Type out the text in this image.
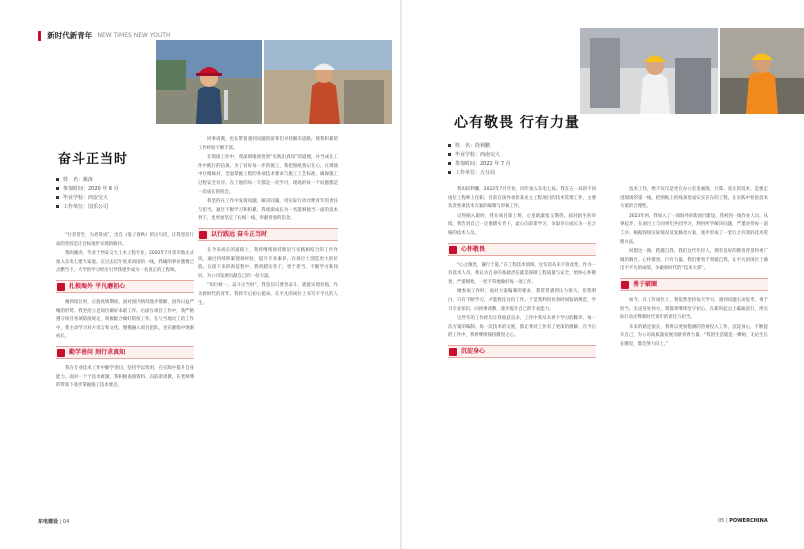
新时代新青年 NEW TIMES NEW YOUTH
奋斗正当时
姓　名：姚涛
参加时间：2020 年 6 月
毕业学校：西安交大
工作单位：国乐公司

“行者常至，为者常成”，出自《晏子春秋》的这句话，让我坚信行动的坚持是让目标逐步实现的路径。

我叫姚涛，毕业于西安交大土木工程专业，2020年7月荣幸地正式加入东电七建大家庭。在过去近年度来回国的一线，我确的事业激情已点燃当下，大学的学习经历引导我逐步成为一名真正的工程师。

扎根海外 平凡磨初心

刚到项目时，正值疫情期间，面对国内情况逐步缓解，国外日益严峻的形势，我坚持立足岗位做好本职工作。后面在项目工作中，我严格遵守项目各项防疫规定，积极配合做好防疫工作。在与当地员工的工作中，我主动学习对方语言和文化，慢慢融入项目团队，也在磨练中逐渐成长。

勤学善问 刻行求真知

我在专业技术工作中勤学善问，坚持学以致用，在实践中提升自身能力。面对一个个技术难题，我积极查阅资料、向前辈请教，在老师傅的带领下逐步掌握施工技术要点。

同事请教，也在带着遇到问题的前辈们寻找解决思路，使我积累的工作经验不断丰富。

在现场工作中，我深刻地领悟到“实践出真知”的道理，并当成在工作中践行的信条。为了对好每一步的施工，我把图纸熟记在心，在现场中仔细核对，全面掌握工程的各项技术要求与施工工艺标准，确保施工过程安全有序。在工地的每一天都是一次学习，现场的每一个问题都是一次成长的机会。

我坚持在工作中发现问题，解决问题，用实际行动诠释青年的责任与担当。通过不断学习和积累，我逐渐成长为一名能够独当一面的技术骨干，也更加坚定了扎根一线、奉献青春的信念。

以行践远 奋斗正当时

在今来成长的道路上，我将继续保持理论与实践相结合的工作作风，通过持续积累现场经验，提升专业素养，在岗位上创造更大的价值。在接下来的新征程中，我将踏实肯干，勇于担当，不断学习新知识，为公司发展贡献自己的一份力量。

“知行统一，奋斗正当时”，我坚信只要肯奋斗，就能实现价值。作为新时代的青年，我将牢记初心使命，在平凡的岗位上书写不平凡的人生。

东电建设 | 04
心有敬畏 行有力量
姓　名：段利鹏
毕业学校：西南交大
参加时间：2022 年 7 月
工作单位：五分局

我叫段利鹏，2022年7月毕业，同年加入东电七局。我在五一局的不同岗位工程师上任职，目前在国外承担某业主工程项目的技术管理工作，主要负责各项技术方案的编制与审核工作。

记得刚入职时，我在项目部上班，心里既紧张又期待。面对陌生的环境，我告诉自己一定要踏实肯干，虚心向前辈学习，争取早日成长为一名合格的技术人员。

心怀敬畏

“心之敬畏，谦行于道。”在工程技术领域，这句话从未不曾改变。作为一名技术人员，我认为自身的基础责任就是保障工程质量与安全，始终心怀敬畏，严谨细致，一丝不苟地做好每一项工作。

刚参加工作时，面对方案编制的要求，我常常感到压力很大。但我明白，只有不断学习，才能胜任这份工作。于是我利用业余时间钻研规范，学习专业知识，向同事请教，逐步提升自己的专业能力。

这些年的工作经历让我收获良多，工作中我从未停下学习的脚步。每一次方案的编制、每一次技术的交底，都让我对工作有了更深的理解。在今后的工作中，我将继续保持敬畏之心。

沉淀身心

技术工作，绝不仅仅是坐在办公室里画图、计算。真正的技术，是要走进现场的第一线，把图纸上的线条变成实实在在的工程，在实践中检验技术方案的合理性。

2023年初，我加入了一项海外的新项目建设。我初到一线作业人员，从零起步，在项目上与同事们共同学习，利用所学解决问题，严谨对待每一道工序。根据现场实际情况反复修改方案，逐步形成了一套行之有效的技术管理方法。

回想这一路，跨越自我，我们这代年轻人，拥有良好的教育背景和更广阔的舞台。心怀敬畏，行有力量，我们要勇于突破自我，在平凡的岗位上做出不平凡的成绩，争做新时代的“技术大拿”。

勇于破圈

如今，在工作岗位上，我依然坚持每天学习，遇到问题主动思考，勇于担当。无论身处何方，我都将继续坚守初心，在新的起点上砥砺前行，用实际行动诠释新时代青年的责任与担当。

未来的路还很长，我将以更加饱满的热情投入工作，沉淀身心，不断提升自己，为公司高质量发展贡献青春力量。“我的生活就是一棵树，无论生长在哪里，都会努力向上。”

05 | POWERCHINA
